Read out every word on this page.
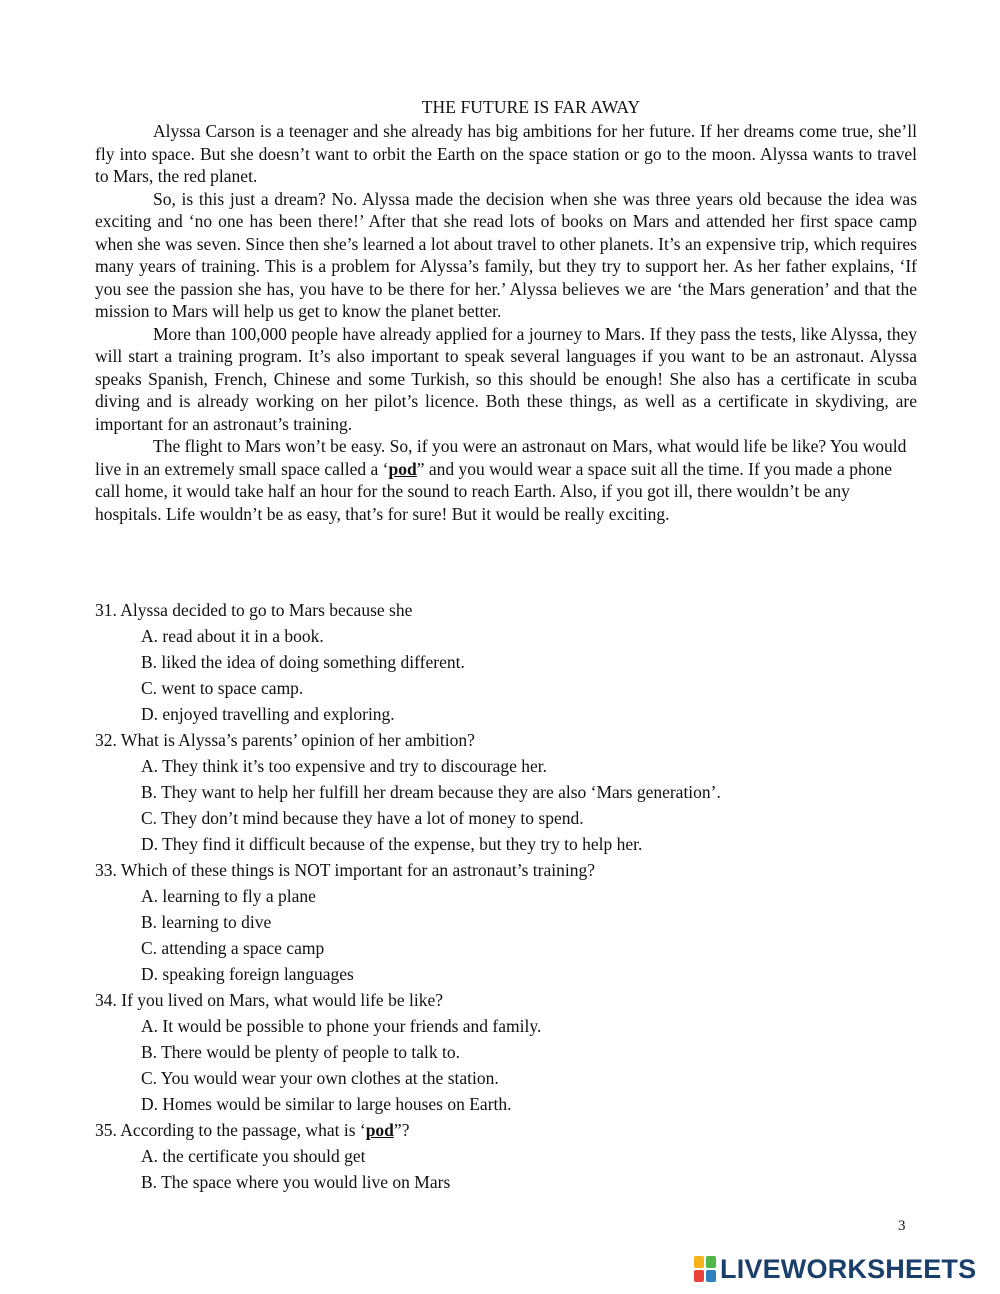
THE FUTURE IS FAR AWAY

Alyssa Carson is a teenager and she already has big ambitions for her future. If her dreams come true, she’ll fly into space. But she doesn’t want to orbit the Earth on the space station or go to the moon. Alyssa wants to travel to Mars, the red planet.

So, is this just a dream? No. Alyssa made the decision when she was three years old because the idea was exciting and ‘no one has been there!’ After that she read lots of books on Mars and attended her first space camp when she was seven. Since then she’s learned a lot about travel to other planets. It’s an expensive trip, which requires many years of training. This is a problem for Alyssa’s family, but they try to support her. As her father explains, ‘If you see the passion she has, you have to be there for her.’ Alyssa believes we are ‘the Mars generation’ and that the mission to Mars will help us get to know the planet better.

More than 100,000 people have already applied for a journey to Mars. If they pass the tests, like Alyssa, they will start a training program. It’s also important to speak several languages if you want to be an astronaut. Alyssa speaks Spanish, French, Chinese and some Turkish, so this should be enough! She also has a certificate in scuba diving and is already working on her pilot’s licence. Both these things, as well as a certificate in skydiving, are important for an astronaut’s training.

The flight to Mars won’t be easy. So, if you were an astronaut on Mars, what would life be like? You would live in an extremely small space called a ‘pod” and you would wear a space suit all the time. If you made a phone call home, it would take half an hour for the sound to reach Earth. Also, if you got ill, there wouldn’t be any hospitals. Life wouldn’t be as easy, that’s for sure! But it would be really exciting.

31. Alyssa decided to go to Mars because she
A. read about it in a book.
B. liked the idea of doing something different.
C. went to space camp.
D. enjoyed travelling and exploring.
32. What is Alyssa’s parents’ opinion of her ambition?
A. They think it’s too expensive and try to discourage her.
B. They want to help her fulfill her dream because they are also ‘Mars generation’.
C. They don’t mind because they have a lot of money to spend.
D. They find it difficult because of the expense, but they try to help her.
33. Which of these things is NOT important for an astronaut’s training?
A. learning to fly a plane
B. learning to dive
C. attending a space camp
D. speaking foreign languages
34. If you lived on Mars, what would life be like?
A. It would be possible to phone your friends and family.
B. There would be plenty of people to talk to.
C. You would wear your own clothes at the station.
D. Homes would be similar to large houses on Earth.
35. According to the passage, what is ‘pod”?
A. the certificate you should get
B. The space where you would live on Mars
3
LIVEWORKSHEETS
